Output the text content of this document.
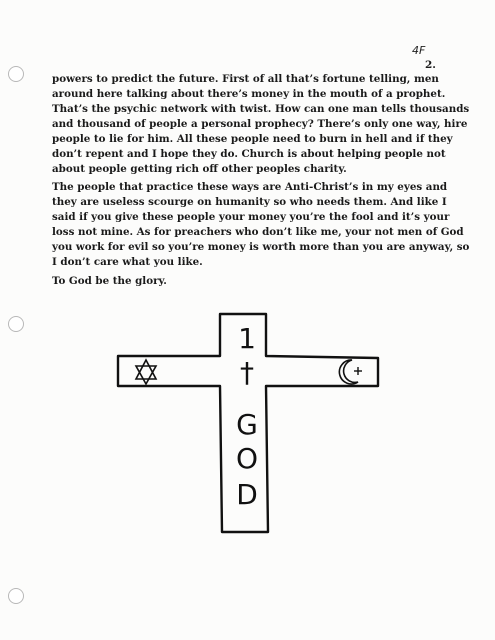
4F
2.

powers to predict the future. First of all that’s fortune telling, men around here talking about there’s money in the mouth of a prophet. That’s the psychic network with twist. How can one man tells thousands and thousand of people a personal prophecy? There’s only one way, hire people to lie for him. All these people need to burn in hell and if they don’t repent and I hope they do. Church is about helping people not about people getting rich off other peoples charity.

The people that practice these ways are Anti-Christ’s in my eyes and they are useless scourge on humanity so who needs them. And like I said if you give these people your money you’re the fool and it’s your loss not mine. As for preachers who don’t like me, your not men of God you work for evil so you’re money is worth more than you are anyway, so I don’t care what you like.

To God be the glory.

1
†
G
O
D
